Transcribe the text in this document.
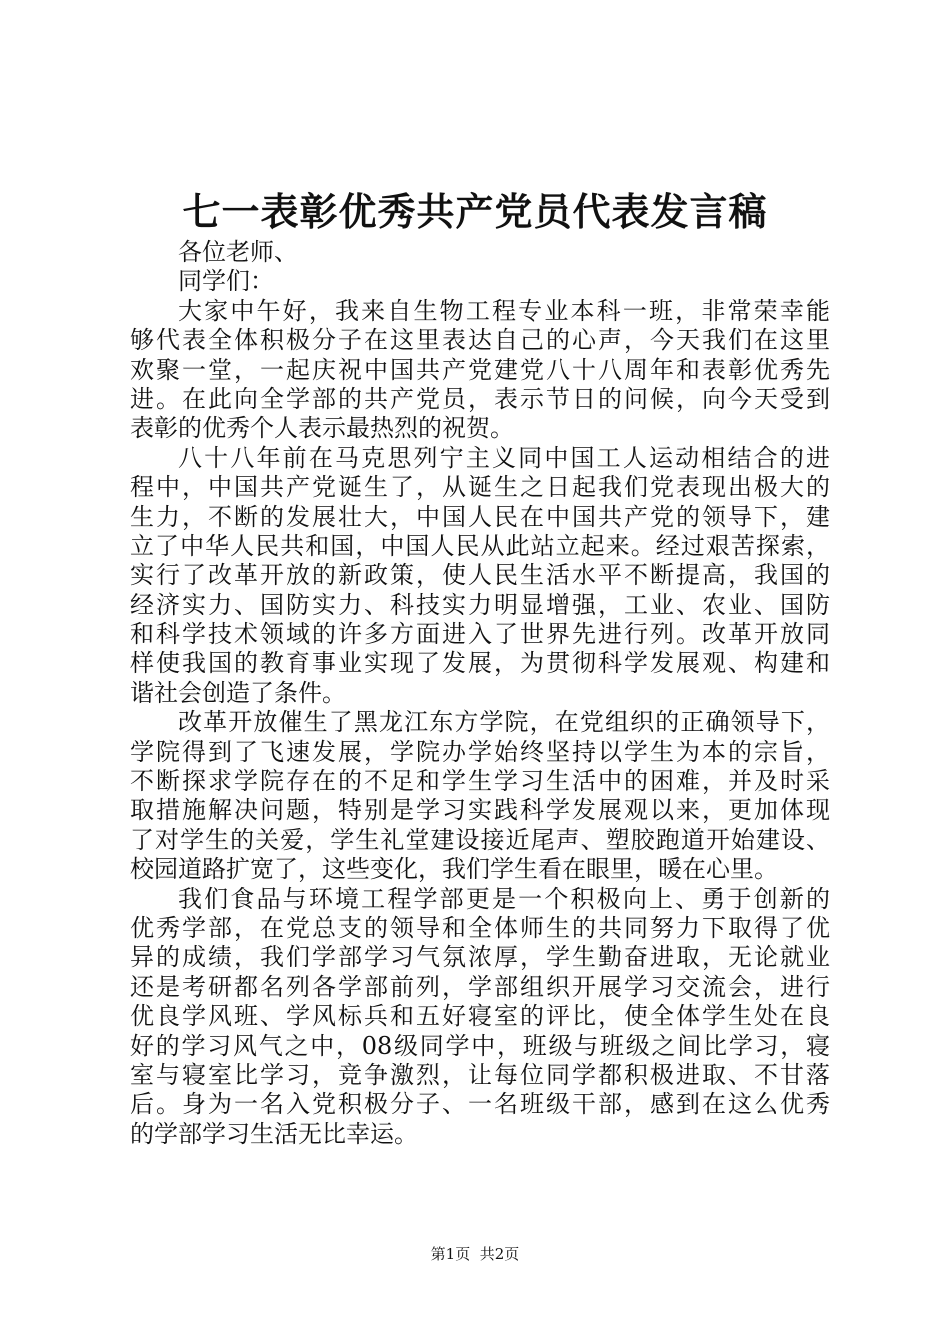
七一表彰优秀共产党员代表发言稿
各位老师、
同学们：
大家中午好，我来自生物工程专业本科一班，非常荣幸能
够代表全体积极分子在这里表达自己的心声，今天我们在这里
欢聚一堂，一起庆祝中国共产党建党八十八周年和表彰优秀先
进。在此向全学部的共产党员，表示节日的问候，向今天受到
表彰的优秀个人表示最热烈的祝贺。
八十八年前在马克思列宁主义同中国工人运动相结合的进
程中，中国共产党诞生了，从诞生之日起我们党表现出极大的
生力，不断的发展壮大，中国人民在中国共产党的领导下，建
立了中华人民共和国，中国人民从此站立起来。经过艰苦探索，
实行了改革开放的新政策，使人民生活水平不断提高，我国的
经济实力、国防实力、科技实力明显增强，工业、农业、国防
和科学技术领域的许多方面进入了世界先进行列。改革开放同
样使我国的教育事业实现了发展，为贯彻科学发展观、构建和
谐社会创造了条件。
改革开放催生了黑龙江东方学院，在党组织的正确领导下，
学院得到了飞速发展，学院办学始终坚持以学生为本的宗旨，
不断探求学院存在的不足和学生学习生活中的困难，并及时采
取措施解决问题，特别是学习实践科学发展观以来，更加体现
了对学生的关爱，学生礼堂建设接近尾声、塑胶跑道开始建设、
校园道路扩宽了，这些变化，我们学生看在眼里，暖在心里。
我们食品与环境工程学部更是一个积极向上、勇于创新的
优秀学部，在党总支的领导和全体师生的共同努力下取得了优
异的成绩，我们学部学习气氛浓厚，学生勤奋进取，无论就业
还是考研都名列各学部前列，学部组织开展学习交流会，进行
优良学风班、学风标兵和五好寝室的评比，使全体学生处在良
好的学习风气之中，08级同学中，班级与班级之间比学习，寝
室与寝室比学习，竞争激烈，让每位同学都积极进取、不甘落
后。身为一名入党积极分子、一名班级干部，感到在这么优秀
的学部学习生活无比幸运。
第1页 共2页
